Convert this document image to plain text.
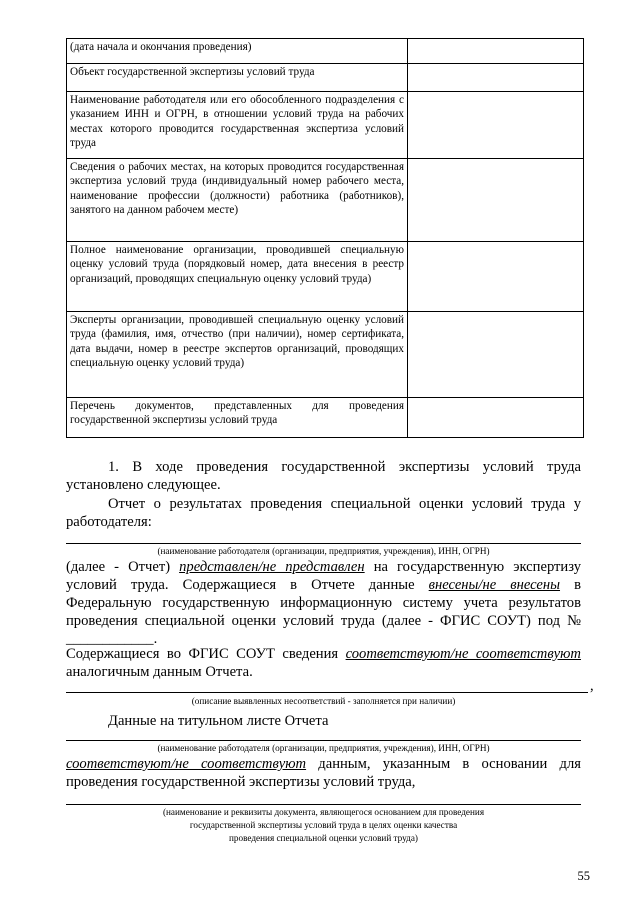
(дата начала и окончания проведения)	
Объект государственной экспертизы условий труда	
Наименование работодателя или его обособленного подразделения с указанием ИНН и ОГРН, в отношении условий труда на рабочих местах которого проводится государственная экспертиза условий труда	
Сведения о рабочих местах, на которых проводится государственная экспертиза условий труда (индивидуальный номер рабочего места, наименование профессии (должности) работника (работников), занятого на данном рабочем месте)	
Полное наименование организации, проводившей специальную оценку условий труда (порядковый номер, дата внесения в реестр организаций, проводящих специальную оценку условий труда)	
Эксперты организации, проводившей специальную оценку условий труда (фамилия, имя, отчество (при наличии), номер сертификата, дата выдачи, номер в реестре экспертов организаций, проводящих специальную оценку условий труда)	
Перечень документов, представленных для проведения государственной экспертизы условий труда	
1. В ходе проведения государственной экспертизы условий труда установлено следующее.
Отчет о результатах проведения специальной оценки условий труда у работодателя:
(наименование работодателя (организации, предприятия, учреждения), ИНН, ОГРН)
(далее - Отчет) представлен/не представлен на государственную экспертизу условий труда. Содержащиеся в Отчете данные внесены/не внесены в Федеральную государственную информационную систему учета результатов проведения специальной оценки условий труда (далее - ФГИС СОУТ) под № ____________.
Содержащиеся во ФГИС СОУТ сведения соответствуют/не соответствуют аналогичным данным Отчета.
,
(описание выявленных несоответствий - заполняется при наличии)
Данные на титульном листе Отчета
(наименование работодателя (организации, предприятия, учреждения), ИНН, ОГРН)
соответствуют/не соответствуют данным, указанным в основании для проведения государственной экспертизы условий труда,
(наименование и реквизиты документа, являющегося основанием для проведения
государственной экспертизы условий труда в целях оценки качества
проведения специальной оценки условий труда)
55
